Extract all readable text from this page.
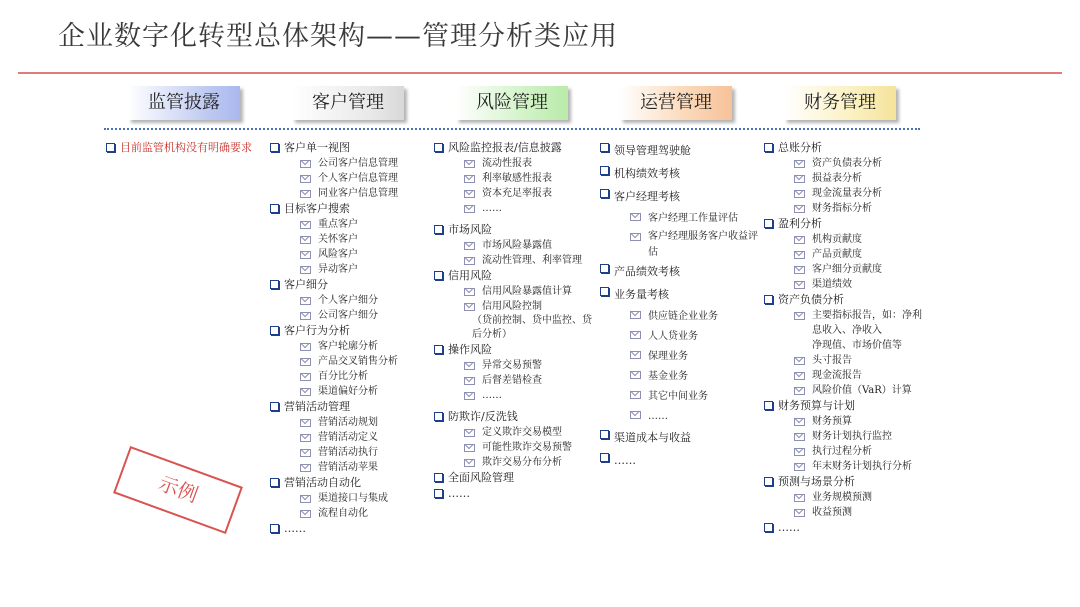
企业数字化转型总体架构——管理分析类应用
监管披露	客户管理	风险管理	运营管理	财务管理
目前监管机构没有明确要求	客户单一视图
公司客户信息管理
个人客户信息管理
同业客户信息管理
目标客户搜索
重点客户
关怀客户
风险客户
异动客户
客户细分
个人客户细分
公司客户细分
客户行为分析
客户轮廓分析
产品交叉销售分析
百分比分析
渠道偏好分析
营销活动管理
营销活动规划
营销活动定义
营销活动执行
营销活动苹果
营销活动自动化
渠道接口与集成
流程自动化
……
风险监控报表/信息披露
流动性报表
利率敏感性报表
资本充足率报表
……
市场风险
市场风险暴露值
流动性管理、利率管理
信用风险
信用风险暴露值计算
信用风险控制
（贷前控制、贷中监控、贷后分析）
操作风险
异常交易预警
后督差错检查
……
防欺诈/反洗钱
定义欺诈交易模型
可能性欺诈交易预警
欺诈交易分布分析
全面风险管理
……
领导管理驾驶舱
机构绩效考核
客户经理考核
客户经理工作量评估
客户经理服务客户收益评估
产品绩效考核
业务量考核
供应链企业业务
人人贷业务
保理业务
基金业务
其它中间业务
……
渠道成本与收益
……
总账分析
资产负债表分析
损益表分析
现金流量表分析
财务指标分析
盈利分析
机构贡献度
产品贡献度
客户细分贡献度
渠道绩效
资产负债分析
主要指标报告，如：净利息收入、净收入
净现值、市场价值等
头寸报告
现金流报告
风险价值（VaR）计算
财务预算与计划
财务预算
财务计划执行监控
执行过程分析
年末财务计划执行分析
预测与场景分析
业务规模预测
收益预测
……
示例
